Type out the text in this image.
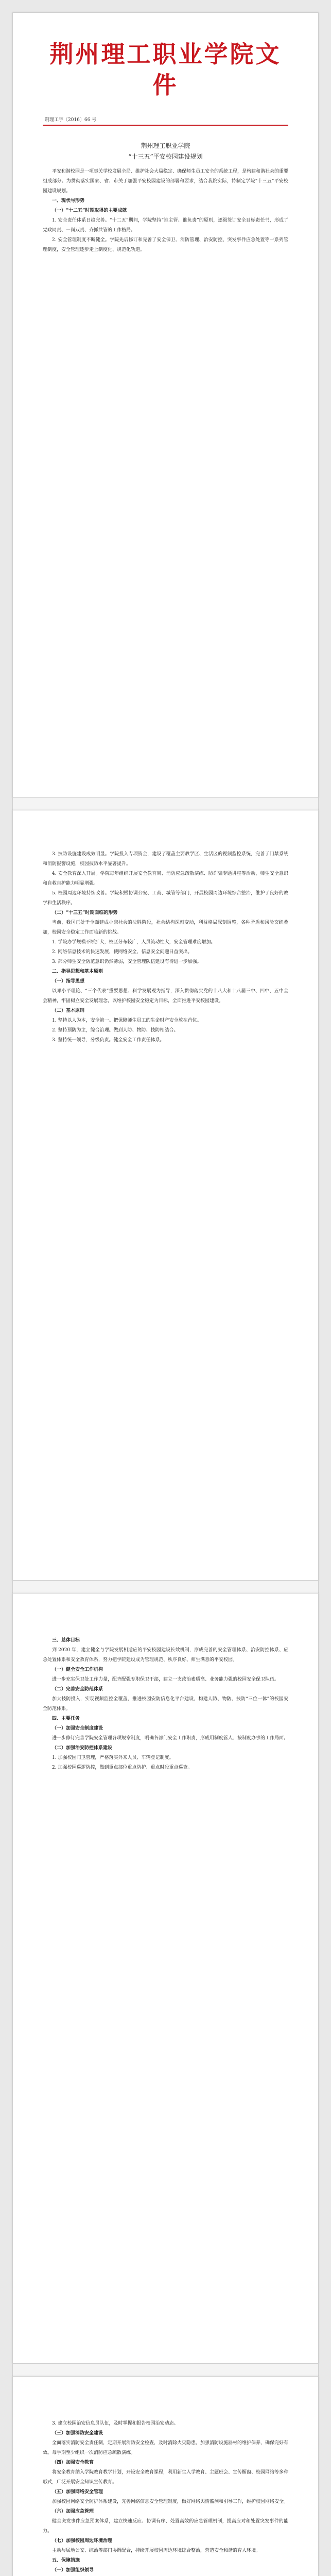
荆州理工职业学院文件
荆理工字〔2016〕66 号
荆州理工职业学院
“十三五”平安校园建设规划
平安和谐校园是一项事关学校发展全局、维护社会大局稳定、确保师生员工安全的系统工程，是构建和谐社会的重要组成部分。为贯彻落实国家、省、市关于加强平安校园建设的部署和要求，结合我院实际，特制定学院“十三五”平安校园建设规划。
一、现状与形势
（一）“十二五”时期取得的主要成就
1. 安全责任体系日趋完善。“十二五”期间，学院坚持“谁主管、谁负责”的原则，逐级签订安全目标责任书，形成了党政同责、一岗双责、齐抓共管的工作格局。
2. 安全管理制度不断健全。学院先后修订和完善了安全保卫、消防管理、治安防控、突发事件应急处置等一系列管理制度，安全管理逐步走上制度化、规范化轨道。
3. 技防设施建设成效明显。学院投入专项资金，建设了覆盖主要教学区、生活区的视频监控系统，完善了门禁系统和消防报警设施，校园技防水平显著提升。
4. 安全教育深入开展。学院每年组织开展安全教育周、消防应急疏散演练、防诈骗专题讲座等活动，师生安全意识和自救自护能力明显增强。
5. 校园周边环境持续改善。学院积极协调公安、工商、城管等部门，开展校园周边环境综合整治，维护了良好的教学和生活秩序。
（二）“十三五”时期面临的形势
当前，我国正处于全面建成小康社会的决胜阶段，社会结构深刻变动，利益格局深刻调整，各种矛盾和风险交织叠加，校园安全稳定工作面临新的挑战。
1. 学院办学规模不断扩大，校区分布较广，人员流动性大，安全管理难度增加。
2. 网络信息技术的快速发展，使网络安全、信息安全问题日益突出。
3. 部分师生安全防范意识仍然薄弱，安全管理队伍建设有待进一步加强。
二、指导思想和基本原则
（一）指导思想
以邓小平理论、“三个代表”重要思想、科学发展观为指导，深入贯彻落实党的十八大和十八届三中、四中、五中全会精神，牢固树立安全发展理念，以维护校园安全稳定为目标，全面推进平安校园建设。
（二）基本原则
1. 坚持以人为本，安全第一。把保障师生员工的生命财产安全放在首位。
2. 坚持预防为主，综合治理。做到人防、物防、技防相结合。
3. 坚持统一领导，分级负责。健全安全工作责任体系。
三、总体目标
到 2020 年，建立健全与学院发展相适应的平安校园建设长效机制，形成完善的安全管理体系、治安防控体系、应急处置体系和安全教育体系，努力把学院建设成为管理规范、秩序良好、师生满意的平安校园。
（一）健全安全工作机构
进一步充实保卫处工作力量，配齐配强专职保卫干部，建立一支政治素质高、业务能力强的校园安全保卫队伍。
（二）完善安全防范体系
加大技防投入，实现视频监控全覆盖，推进校园安防信息化平台建设，构建人防、物防、技防“三位一体”的校园安全防范体系。
四、主要任务
（一）加强安全制度建设
进一步修订完善学院安全管理各项规章制度，明确各部门安全工作职责，形成用制度管人、按制度办事的工作局面。
（二）加强治安防控体系建设
1. 加强校园门卫管理，严格落实外来人员、车辆登记制度。
2. 加强校园巡逻防控，做到重点部位重点防护、重点时段重点巡查。
3. 建立校园治安信息员队伍，及时掌握和报告校园治安动态。
（三）加强消防安全建设
全面落实消防安全责任制，定期开展消防安全检查，及时消除火灾隐患。加强消防设施器材的维护保养，确保完好有效。每学期至少组织一次消防应急疏散演练。
（四）加强安全教育
将安全教育纳入学院教育教学计划，开设安全教育课程，利用新生入学教育、主题班会、宣传橱窗、校园网络等多种形式，广泛开展安全知识宣传教育。
（五）加强网络安全管理
加强校园网络安全防护体系建设，完善网络信息安全管理制度，做好网络舆情监测和引导工作，维护校园网络安全。
（六）加强应急管理
健全突发事件应急预案体系，建立快速反应、协调有序、处置高效的应急管理机制，提高应对和处置突发事件的能力。
（七）加强校园周边环境治理
主动与属地公安、综治等部门协调配合，持续开展校园周边环境综合整治，营造安全和谐的育人环境。
五、保障措施
（一）加强组织领导
